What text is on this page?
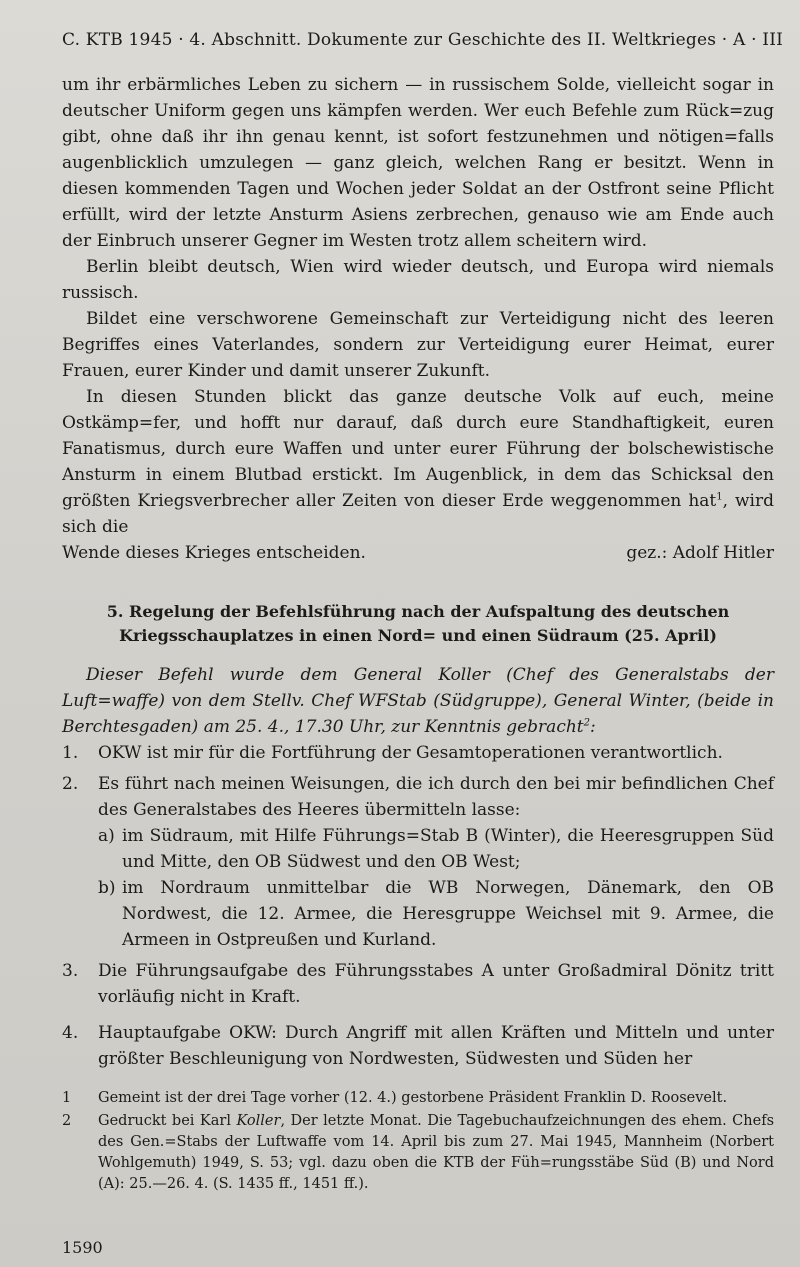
C. KTB 1945 · 4. Abschnitt. Dokumente zur Geschichte des II. Weltkrieges · A · III

um ihr erbärmliches Leben zu sichern — in russischem Solde, vielleicht sogar in deutscher Uniform gegen uns kämpfen werden. Wer euch Befehle zum Rück=zug gibt, ohne daß ihr ihn genau kennt, ist sofort festzunehmen und nötigen=falls augenblicklich umzulegen — ganz gleich, welchen Rang er besitzt. Wenn in diesen kommenden Tagen und Wochen jeder Soldat an der Ostfront seine Pflicht erfüllt, wird der letzte Ansturm Asiens zerbrechen, genauso wie am Ende auch der Einbruch unserer Gegner im Westen trotz allem scheitern wird.

Berlin bleibt deutsch, Wien wird wieder deutsch, und Europa wird niemals russisch.

Bildet eine verschworene Gemeinschaft zur Verteidigung nicht des leeren Begriffes eines Vaterlandes, sondern zur Verteidigung eurer Heimat, eurer Frauen, eurer Kinder und damit unserer Zukunft.

In diesen Stunden blickt das ganze deutsche Volk auf euch, meine Ostkämp=fer, und hofft nur darauf, daß durch eure Standhaftigkeit, euren Fanatismus, durch eure Waffen und unter eurer Führung der bolschewistische Ansturm in einem Blutbad erstickt. Im Augenblick, in dem das Schicksal den größten Kriegsverbrecher aller Zeiten von dieser Erde weggenommen hat$^1$, wird sich die

Wende dieses Krieges entscheiden.	gez.: Adolf Hitler
5. Regelung der Befehlsführung nach der Aufspaltung des deutschen
Kriegsschauplatzes in einen Nord= und einen Südraum (25. April)

Dieser Befehl wurde dem General Koller (Chef des Generalstabs der Luft=waffe) von dem Stellv. Chef WFStab (Südgruppe), General Winter, (beide in Berchtesgaden) am 25. 4., 17.30 Uhr, zur Kenntnis gebracht$^2$:

1.	OKW ist mir für die Fortführung der Gesamtoperationen verantwortlich.
2.	Es führt nach meinen Weisungen, die ich durch den bei mir befindlichen Chef des Generalstabes des Heeres übermitteln lasse:
a) im Südraum, mit Hilfe Führungs=Stab B (Winter), die Heeresgruppen Süd und Mitte, den OB Südwest und den OB West;
b) im Nordraum unmittelbar die WB Norwegen, Dänemark, den OB Nordwest, die 12. Armee, die Heresgruppe Weichsel mit 9. Armee, die Armeen in Ostpreußen und Kurland.
3.	Die Führungsaufgabe des Führungsstabes A unter Großadmiral Dönitz tritt vorläufig nicht in Kraft.
4.	Hauptaufgabe OKW: Durch Angriff mit allen Kräften und Mitteln und unter größter Beschleunigung von Nordwesten, Südwesten und Süden her
1	Gemeint ist der drei Tage vorher (12. 4.) gestorbene Präsident Franklin D. Roosevelt.
2	Gedruckt bei Karl Koller, Der letzte Monat. Die Tagebuchaufzeichnungen des ehem. Chefs des Gen.=Stabs der Luftwaffe vom 14. April bis zum 27. Mai 1945, Mannheim (Norbert Wohlgemuth) 1949, S. 53; vgl. dazu oben die KTB der Füh=rungsstäbe Süd (B) und Nord (A): 25.—26. 4. (S. 1435 ff., 1451 ff.).
1590
